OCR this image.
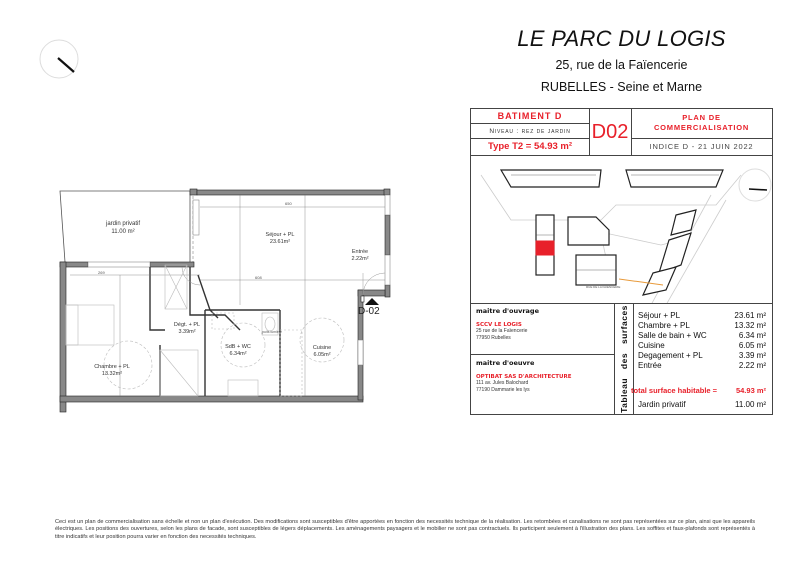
650
608
269
jardin privatif
11.00 m²	Séjour + PL
23.61m²
Entrée
2.22m²
Dégt. + PL
3.39m²
SdB + WC
6.34m²
Cuisine
6.05m²
Chambre + PL
13.32m²
puits lumière
D-02
LE PARC DU LOGIS
25, rue de la Faïencerie
RUBELLES - Seine et Marne
BATIMENT D
Niveau : rez de jardin
Type T2 = 54.93 m²
D02
PLAN DE
COMMERCIALISATION
INDICE D - 21 JUIN 2022
RUE DE LA FAIENCERIE
maitre d'ouvrage
SCCV LE LOGIS
25 rue de la Faïencerie
77950 Rubelles
maitre d'oeuvre
OPTIBAT SAS D'ARCHITECTURE
111 av. Jules Balochard
77190 Dammarie les lys	Tableau des surfaces Séjour + PL	23.61 m²
Chambre + PL	13.32 m²
Salle de bain + WC	6.34 m²
Cuisine	6.05 m²
Degagement + PL	3.39 m²
Entrée	2.22 m²
total surface habitable =	54.93 m²
Jardin privatif	11.00 m²
Ceci est un plan de commercialisation sans échelle et non un plan d'exécution. Des modifications sont susceptibles d'être apportées en fonction des necessités technique de la réalisation. Les retombées et canalisations ne sont pas représentées sur ce plan, ainsi que les appareils électriques. Les positions des ouvertures, selon les plans de facade, sont susceptibles de légers déplacements. Les aménagements paysagers et le mobilier ne sont pas contractuels. Ils participent seulement à l'illustration des plans. Les soffites et faux-plafonds sont représentés à titre indicatifs et leur position pourra varier en fonction des necessités techniques.
